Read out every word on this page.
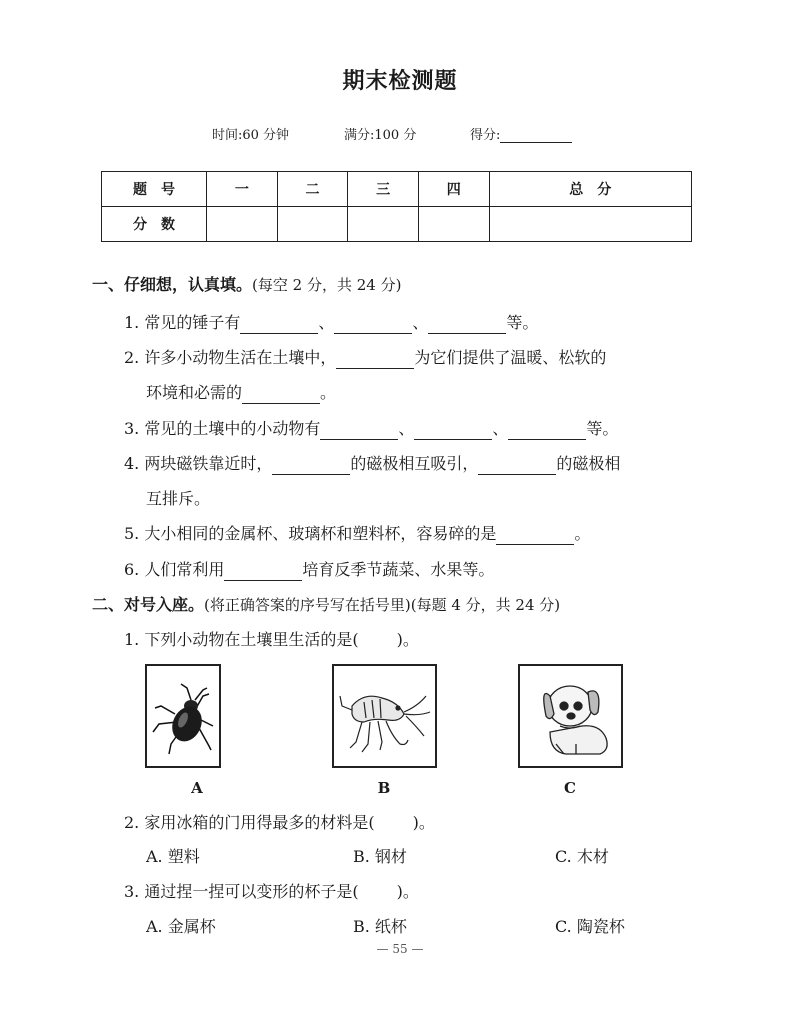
期末检测题
时间:60 分钟	满分:100 分	得分:
题　号	一	二	三	四	总　分
分　数					
一、仔细想，认真填。(每空 2 分，共 24 分)
1. 常见的锤子有	、	、	等。
2. 许多小动物生活在土壤中，	为它们提供了温暖、松软的
环境和必需的	。
3. 常见的土壤中的小动物有	、	、	等。
4. 两块磁铁靠近时，	的磁极相互吸引，	的磁极相
互排斥。
5. 大小相同的金属杯、玻璃杯和塑料杯，容易碎的是	。
6. 人们常利用	培育反季节蔬菜、水果等。
二、对号入座。(将正确答案的序号写在括号里)(每题 4 分，共 24 分)
1. 下列小动物在土壤里生活的是( )。
A	B	C
2. 家用冰箱的门用得最多的材料是( )。
A. 塑料	B. 钢材	C. 木材
3. 通过捏一捏可以变形的杯子是( )。
A. 金属杯	B. 纸杯	C. 陶瓷杯
— 55 —
